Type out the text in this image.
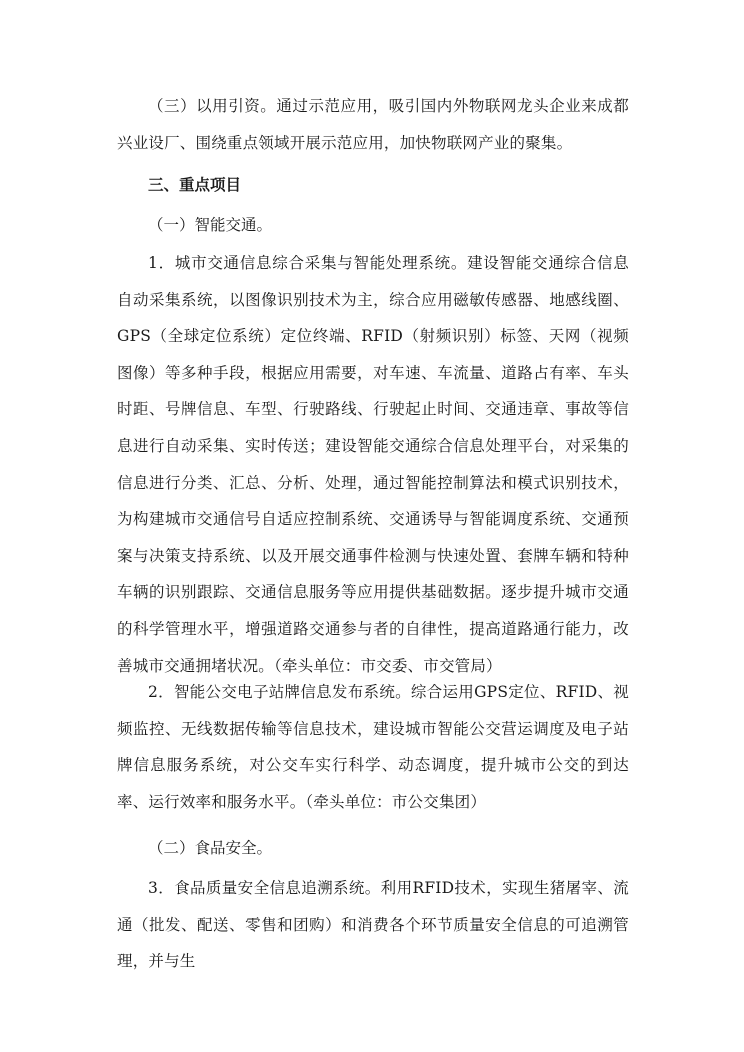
（三）以用引资。通过示范应用，吸引国内外物联网龙头企业来成都兴业设厂、围绕重点领域开展示范应用，加快物联网产业的聚集。

三、重点项目

（一）智能交通。

1．城市交通信息综合采集与智能处理系统。建设智能交通综合信息自动采集系统，以图像识别技术为主，综合应用磁敏传感器、地感线圈、GPS（全球定位系统）定位终端、RFID（射频识别）标签、天网（视频图像）等多种手段，根据应用需要，对车速、车流量、道路占有率、车头时距、号牌信息、车型、行驶路线、行驶起止时间、交通违章、事故等信息进行自动采集、实时传送；建设智能交通综合信息处理平台，对采集的信息进行分类、汇总、分析、处理，通过智能控制算法和模式识别技术，为构建城市交通信号自适应控制系统、交通诱导与智能调度系统、交通预案与决策支持系统、以及开展交通事件检测与快速处置、套牌车辆和特种车辆的识别跟踪、交通信息服务等应用提供基础数据。逐步提升城市交通的科学管理水平，增强道路交通参与者的自律性，提高道路通行能力，改善城市交通拥堵状况。（牵头单位：市交委、市交管局）

2．智能公交电子站牌信息发布系统。综合运用GPS定位、RFID、视频监控、无线数据传输等信息技术，建设城市智能公交营运调度及电子站牌信息服务系统，对公交车实行科学、动态调度，提升城市公交的到达率、运行效率和服务水平。（牵头单位：市公交集团）

（二）食品安全。

3．食品质量安全信息追溯系统。利用RFID技术，实现生猪屠宰、流通（批发、配送、零售和团购）和消费各个环节质量安全信息的可追溯管理，并与生
